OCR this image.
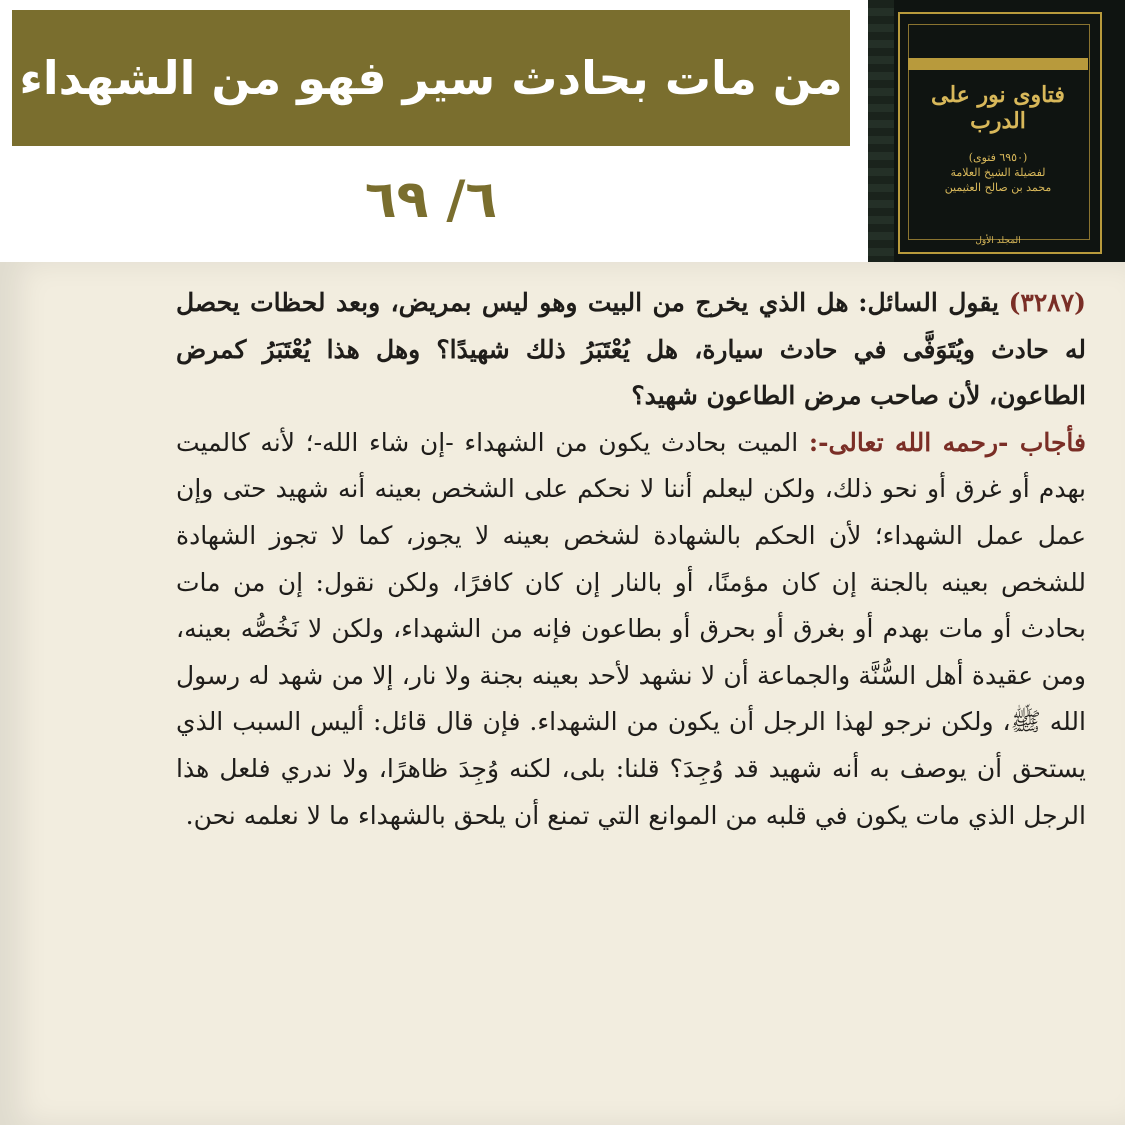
من مات بحادث سير فهو من الشهداء
٦/ ٦٩
فتاوى نور على الدرب
(٦٩٥٠ فتوى)
لفضيلة الشيخ العلامة
محمد بن صالح العثيمين
المجلد الأول
(٣٢٨٧) يقول السائل: هل الذي يخرج من البيت وهو ليس بمريض، وبعد لحظات يحصل له حادث ويُتَوَفَّى في حادث سيارة، هل يُعْتَبَرُ ذلك شهيدًا؟ وهل هذا يُعْتَبَرُ كمرض الطاعون، لأن صاحب مرض الطاعون شهيد؟
فأجاب -رحمه الله تعالى-: الميت بحادث يكون من الشهداء -إن شاء الله-؛ لأنه كالميت بهدم أو غرق أو نحو ذلك، ولكن ليعلم أننا لا نحكم على الشخص بعينه أنه شهيد حتى وإن عمل عمل الشهداء؛ لأن الحكم بالشهادة لشخص بعينه لا يجوز، كما لا تجوز الشهادة للشخص بعينه بالجنة إن كان مؤمنًا، أو بالنار إن كان كافرًا، ولكن نقول: إن من مات بحادث أو مات بهدم أو بغرق أو بحرق أو بطاعون فإنه من الشهداء، ولكن لا نَخُصُّه بعينه، ومن عقيدة أهل السُّنَّة والجماعة أن لا نشهد لأحد بعينه بجنة ولا نار، إلا من شهد له رسول الله ﷺ، ولكن نرجو لهذا الرجل أن يكون من الشهداء. فإن قال قائل: أليس السبب الذي يستحق أن يوصف به أنه شهيد قد وُجِدَ؟ قلنا: بلى، لكنه وُجِدَ ظاهرًا، ولا ندري فلعل هذا الرجل الذي مات يكون في قلبه من الموانع التي تمنع أن يلحق بالشهداء ما لا نعلمه نحن.
